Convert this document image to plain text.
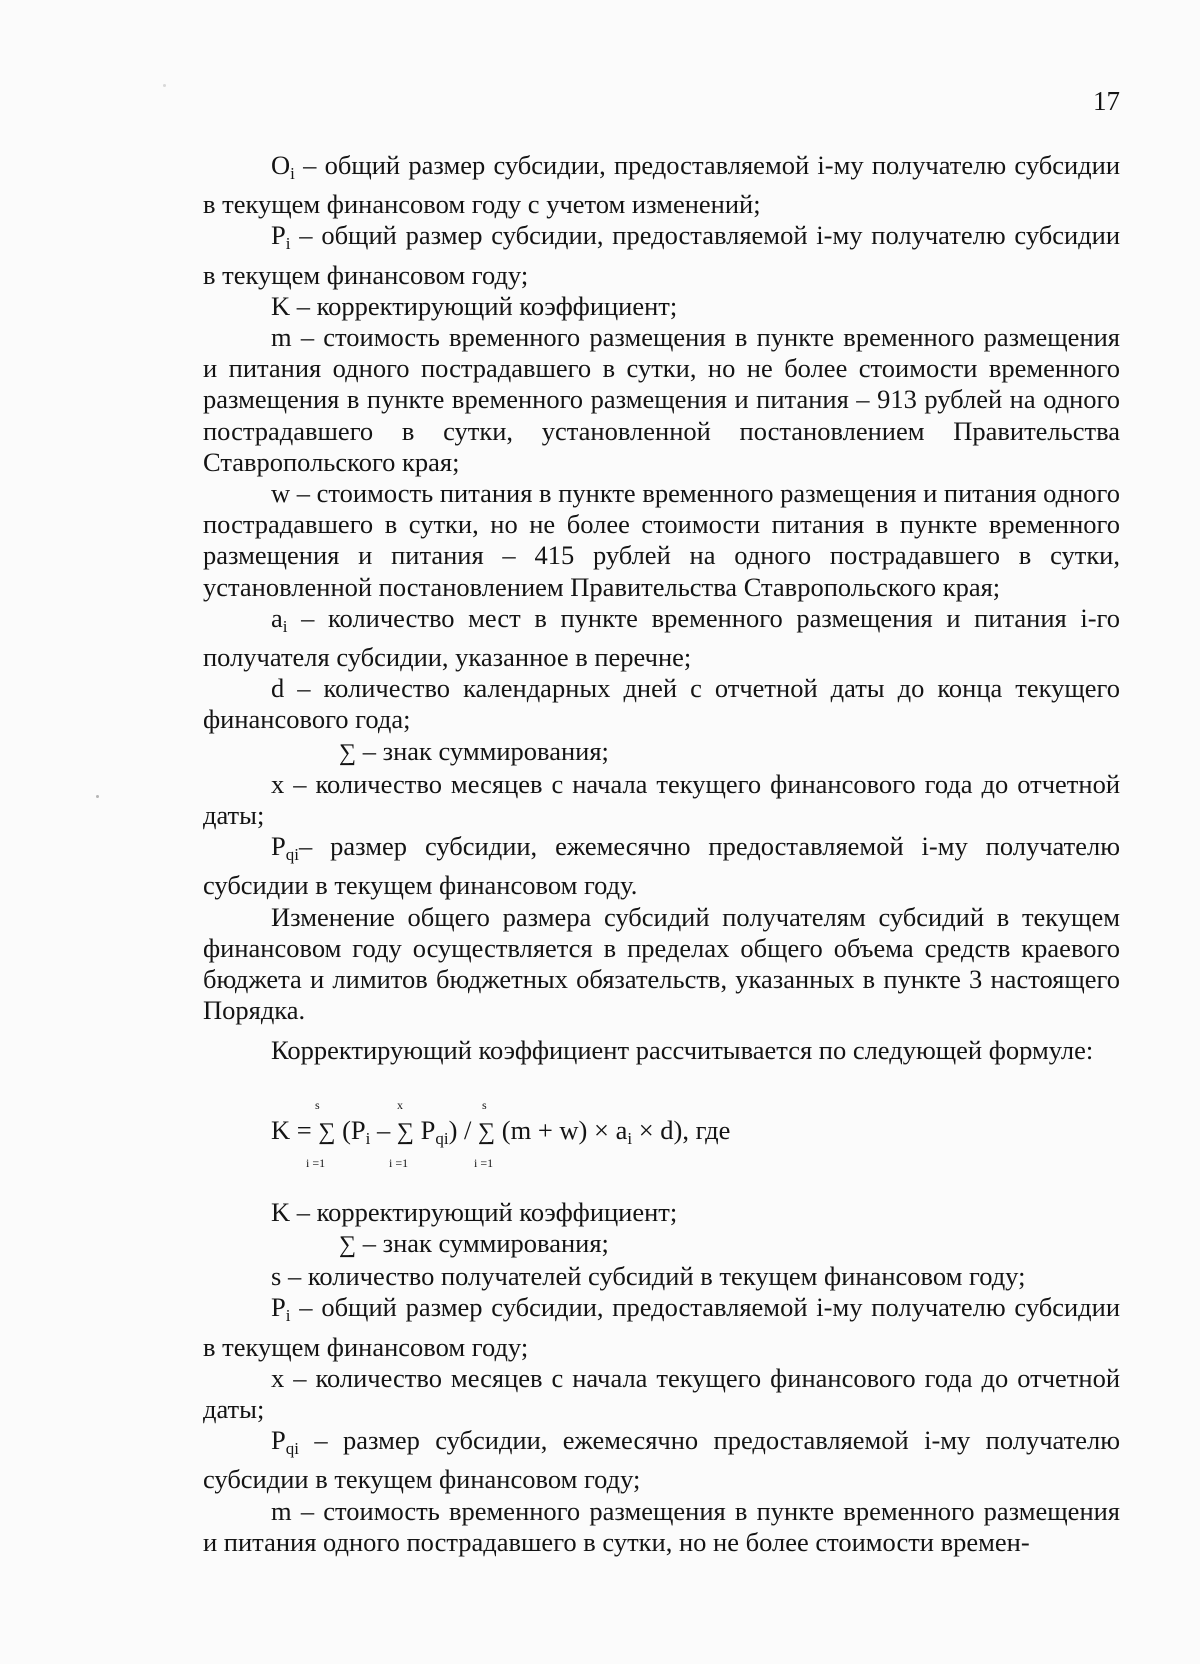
17

$O_i$ – общий размер субсидии, предоставляемой i-му получателю субсидии в текущем финансовом году с учетом изменений;

$P_i$ – общий размер субсидии, предоставляемой i-му получателю субсидии в текущем финансовом году;

K – корректирующий коэффициент;

m – стоимость временного размещения в пункте временного размещения и питания одного пострадавшего в сутки, но не более стоимости временного размещения в пункте временного размещения и питания – 913 рублей на одного пострадавшего в сутки, установленной постановлением Правительства Ставропольского края;

w – стоимость питания в пункте временного размещения и питания одного пострадавшего в сутки, но не более стоимости питания в пункте временного размещения и питания – 415 рублей на одного пострадавшего в сутки, установленной постановлением Правительства Ставропольского края;

$a_i$ – количество мест в пункте временного размещения и питания i-го получателя субсидии, указанное в перечне;

d – количество календарных дней с отчетной даты до конца текущего финансового года;

∑ – знак суммирования;

x – количество месяцев с начала текущего финансового года до отчетной даты;

$P_{qi}-$ размер субсидии, ежемесячно предоставляемой i-му получателю субсидии в текущем финансовом году.

Изменение общего размера субсидий получателям субсидий в текущем финансовом году осуществляется в пределах общего объема средств краевого бюджета и лимитов бюджетных обязательств, указанных в пункте 3 настоящего Порядка.

Корректирующий коэффициент рассчитывается по следующей формуле:

s	x	s
K = ∑ ($P_i$ – ∑ $P_{qi}$) / ∑ $(m + w) \times a_i \times d$), где
i =1	i =1	i =1

K – корректирующий коэффициент;

∑ – знак суммирования;

s – количество получателей субсидий в текущем финансовом году;

$P_i$ – общий размер субсидии, предоставляемой i-му получателю субсидии в текущем финансовом году;

x – количество месяцев с начала текущего финансового года до отчетной даты;

$P_{qi}$ – размер субсидии, ежемесячно предоставляемой i-му получателю субсидии в текущем финансовом году;

m – стоимость временного размещения в пункте временного размещения и питания одного пострадавшего в сутки, но не более стоимости времен-
